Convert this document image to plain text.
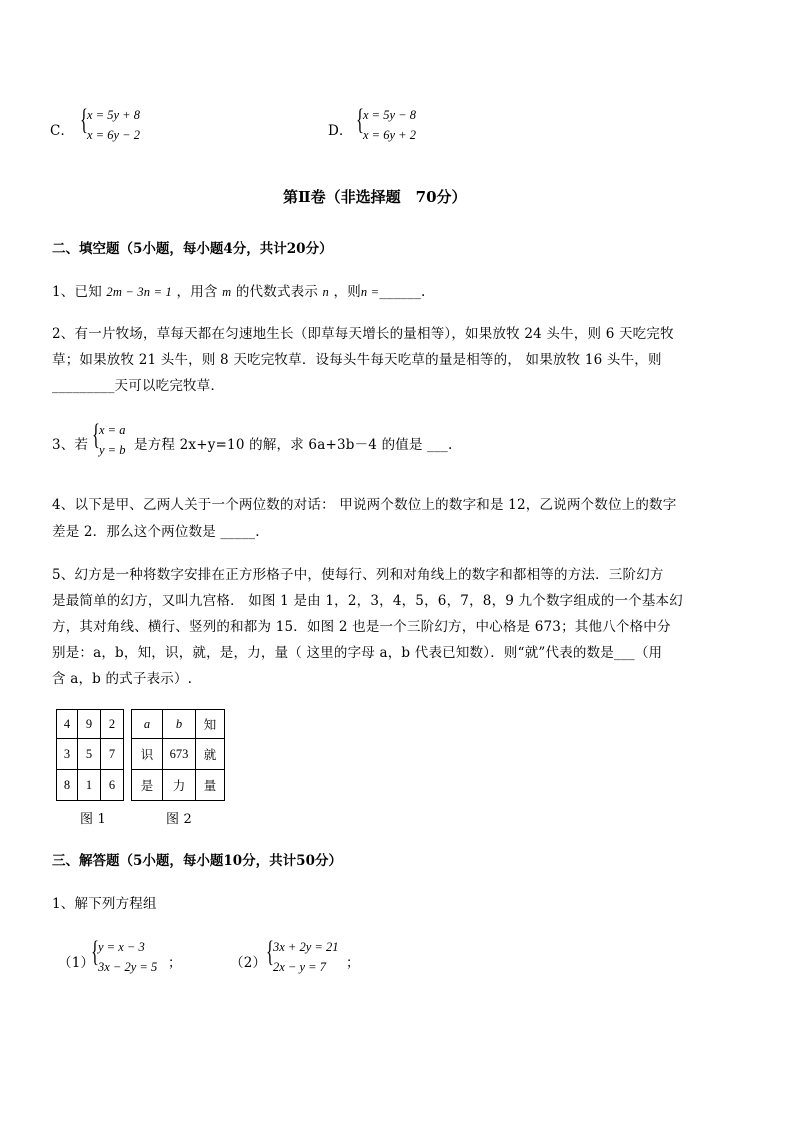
C． { x = 5y + 8
x = 6y − 2	D． { x = 5y − 8
x = 6y + 2
第Ⅱ卷（非选择题　70分）
二、填空题（5小题，每小题4分，共计20分）
1、已知 2m − 3n = 1 ，用含 m 的代数式表示 n ，则n =______.
2、有一片牧场，草每天都在匀速地生长（即草每天增长的量相等），如果放牧 24 头牛，则 6 天吃完牧
草；如果放牧 21 头牛，则 8 天吃完牧草．设每头牛每天吃草的量是相等的， 如果放牧 16 头牛，则
_________天可以吃完牧草．
3、若 { x = a
y = b 是方程 2x+y=10 的解，求 6a+3b－4 的值是 ___.
4、以下是甲、乙两人关于一个两位数的对话： 甲说两个数位上的数字和是 12，乙说两个数位上的数字
差是 2．那么这个两位数是 _____.
5、幻方是一种将数字安排在正方形格子中，使每行、列和对角线上的数字和都相等的方法．三阶幻方
是最简单的幻方，又叫九宫格． 如图 1 是由 1，2，3，4，5，6，7，8，9 九个数字组成的一个基本幻
方，其对角线、横行、竖列的和都为 15．如图 2 也是一个三阶幻方，中心格是 673；其他八个格中分
别是：a，b，知，识，就，是，力，量（ 这里的字母 a，b 代表已知数）．则“就”代表的数是___（用
含 a，b 的式子表示）.
4	9	2
3	5	7
8	1	6
图 1
a	b	知
识	673	就
是	力	量
图 2
三、解答题（5小题，每小题10分，共计50分）
1、解下列方程组
（1）
{ y = x − 3
3x − 2y = 5 ；	（2） { 3x + 2y = 21
2x − y = 7 ；
